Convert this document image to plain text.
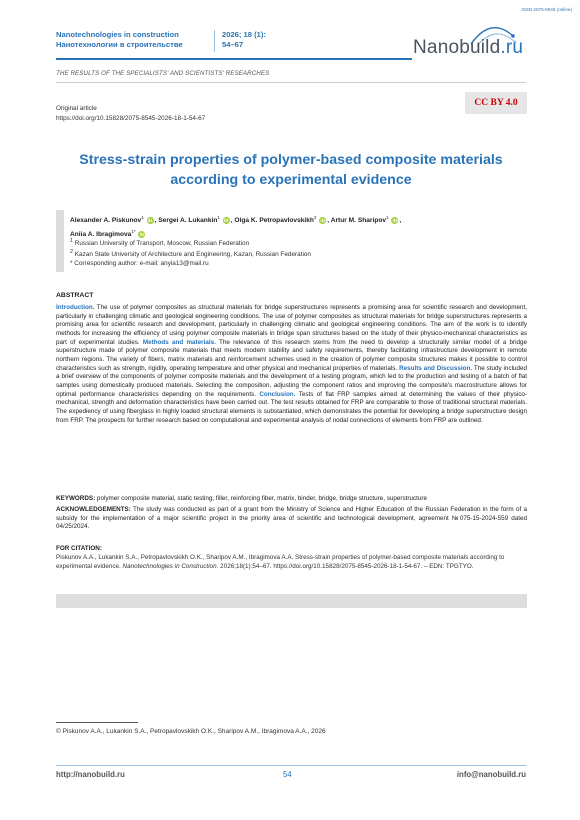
ISSN 2075-8545 (online)
Nanotechnologies in construction
Нанотехнологии в строительстве
2026; 18 (1):
54–67	Nanobuild.ru
THE RESULTS OF THE SPECIALISTS' AND SCIENTISTS' RESEARCHES
CC BY 4.0
Original article
https://doi.org/10.15828/2075-8545-2026-18-1-54-67
Stress-strain properties of polymer-based composite materials according to experimental evidence
Alexander A. Piskunov$^1$ iD , Sergei A. Lukankin$^1$ iD , Olga K. Petropavlovskikh$^2$ iD , Artur M. Sharipov$^1$ iD ,
Aniia A. Ibragimova$^{1*}$ iD
$^1$ Russian University of Transport, Moscow, Russian Federation
$^2$ Kazan State University of Architecture and Engineering, Kazan, Russian Federation
* Corresponding author: e-mail: anyia13@mail.ru
ABSTRACT
Introduction. The use of polymer composites as structural materials for bridge superstructures represents a promising area for scientific research and development, particularly in challenging climatic and geological engineering conditions. The use of polymer composites as structural materials for bridge superstructures represents a promising area for scientific research and development, particularly in challenging climatic and geological engineering conditions. The aim of the work is to identify methods for increasing the efficiency of using polymer composite materials in bridge span structures based on the study of their physico-mechanical characteristics as part of experimental studies. Methods and materials. The relevance of this research stems from the need to develop a structurally similar model of a bridge superstructure made of polymer composite materials that meets modern stability and safety requirements, thereby facilitating infrastructure development in remote northern regions. The variety of fibers, matrix materials and reinforcement schemes used in the creation of polymer composite structures makes it possible to control characteristics such as strength, rigidity, operating temperature and other physical and mechanical properties of materials. Results and Discussion. The study included a brief overview of the components of polymer composite materials and the development of a testing program, which led to the production and testing of a batch of flat samples using domestically produced materials. Selecting the composition, adjusting the component ratios and improving the composite's macrostructure allows for optimal performance characteristics depending on the requirements. Conclusion. Tests of flat FRP samples aimed at determining the values of their physico-mechanical, strength and deformation characteristics have been carried out. The test results obtained for FRP are comparable to those of traditional structural materials. The expediency of using fiberglass in highly loaded structural elements is substantiated, which demonstrates the potential for developing a bridge superstructure design from FRP. The prospects for further research based on computational and experimental analysis of nodal connections of elements from FRP are outlined.
KEYWORDS: polymer composite material, static testing, filler, reinforcing fiber, matrix, binder, bridge, bridge structure, superstructure
ACKNOWLEDGEMENTS: The study was conducted as part of a grant from the Ministry of Science and Higher Education of the Russian Federation in the form of a subsidy for the implementation of a major scientific project in the priority area of scientific and technological development, agreement №075-15-2024-559 dated 04/25/2024.
FOR CITATION:
Piskunov A.A., Lukankin S.A., Petropavlovskikh O.K., Sharipov A.M., Ibragimova A.A. Stress-strain properties of polymer-based composite materials according to experimental evidence. Nanotechnologies in Construction. 2026;18(1):54–67. https://doi.org/10.15828/2075-8545-2026-18-1-54-67. – EDN: TPGTYO.
© Piskunov A.A., Lukankin S.A., Petropavlovskikh O.K., Sharipov A.M., Ibragimova A.A., 2026
http://nanobuild.ru	54	info@nanobuild.ru
